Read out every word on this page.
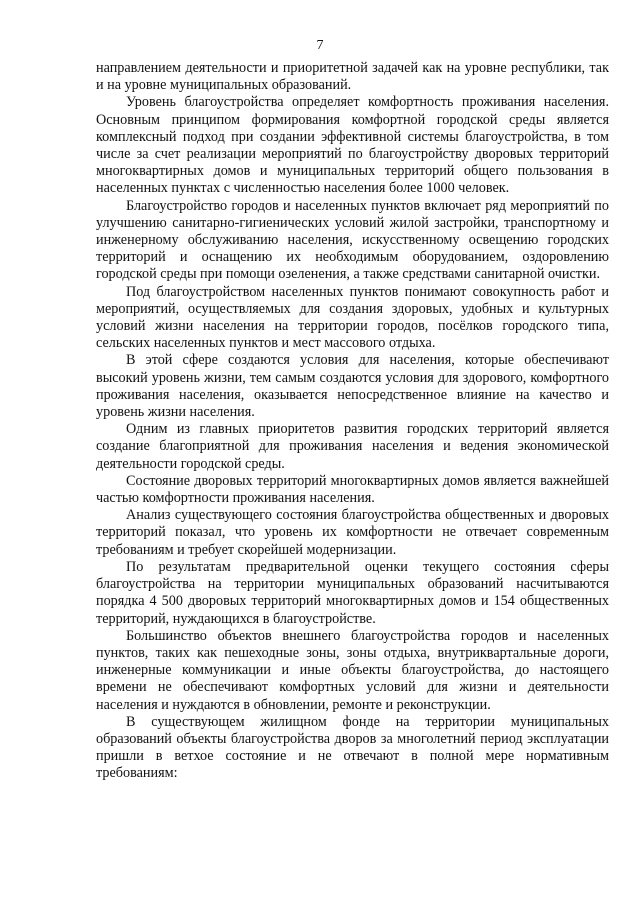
7

направлением деятельности и приоритетной задачей как на уровне республики, так и на уровне муниципальных образований.

Уровень благоустройства определяет комфортность проживания населения. Основным принципом формирования комфортной городской среды является комплексный подход при создании эффективной системы благоустройства, в том числе за счет реализации мероприятий по благоустройству дворовых территорий многоквартирных домов и муниципальных территорий общего пользования в населенных пунктах с численностью населения более 1000 человек.

Благоустройство городов и населенных пунктов включает ряд мероприятий по улучшению санитарно-гигиенических условий жилой застройки, транспортному и инженерному обслуживанию населения, искусственному освещению городских территорий и оснащению их необходимым оборудованием, оздоровлению городской среды при помощи озеленения, а также средствами санитарной очистки.

Под благоустройством населенных пунктов понимают совокупность работ и мероприятий, осуществляемых для создания здоровых, удобных и культурных условий жизни населения на территории городов, посёлков городского типа, сельских населенных пунктов и мест массового отдыха.

В этой сфере создаются условия для населения, которые обеспечивают высокий уровень жизни, тем самым создаются условия для здорового, комфортного проживания населения, оказывается непосредственное влияние на качество и уровень жизни населения.

Одним из главных приоритетов развития городских территорий является создание благоприятной для проживания населения и ведения экономической деятельности городской среды.

Состояние дворовых территорий многоквартирных домов является важнейшей частью комфортности проживания населения.

Анализ существующего состояния благоустройства общественных и дворовых территорий показал, что уровень их комфортности не отвечает современным требованиям и требует скорейшей модернизации.

По результатам предварительной оценки текущего состояния сферы благоустройства на территории муниципальных образований насчитываются порядка 4 500 дворовых территорий многоквартирных домов и 154 общественных территорий, нуждающихся в благоустройстве.

Большинство объектов внешнего благоустройства городов и населенных пунктов, таких как пешеходные зоны, зоны отдыха, внутриквартальные дороги, инженерные коммуникации и иные объекты благоустройства, до настоящего времени не обеспечивают комфортных условий для жизни и деятельности населения и нуждаются в обновлении, ремонте и реконструкции.

В существующем жилищном фонде на территории муниципальных образований объекты благоустройства дворов за многолетний период эксплуатации пришли в ветхое состояние и не отвечают в полной мере нормативным требованиям:
